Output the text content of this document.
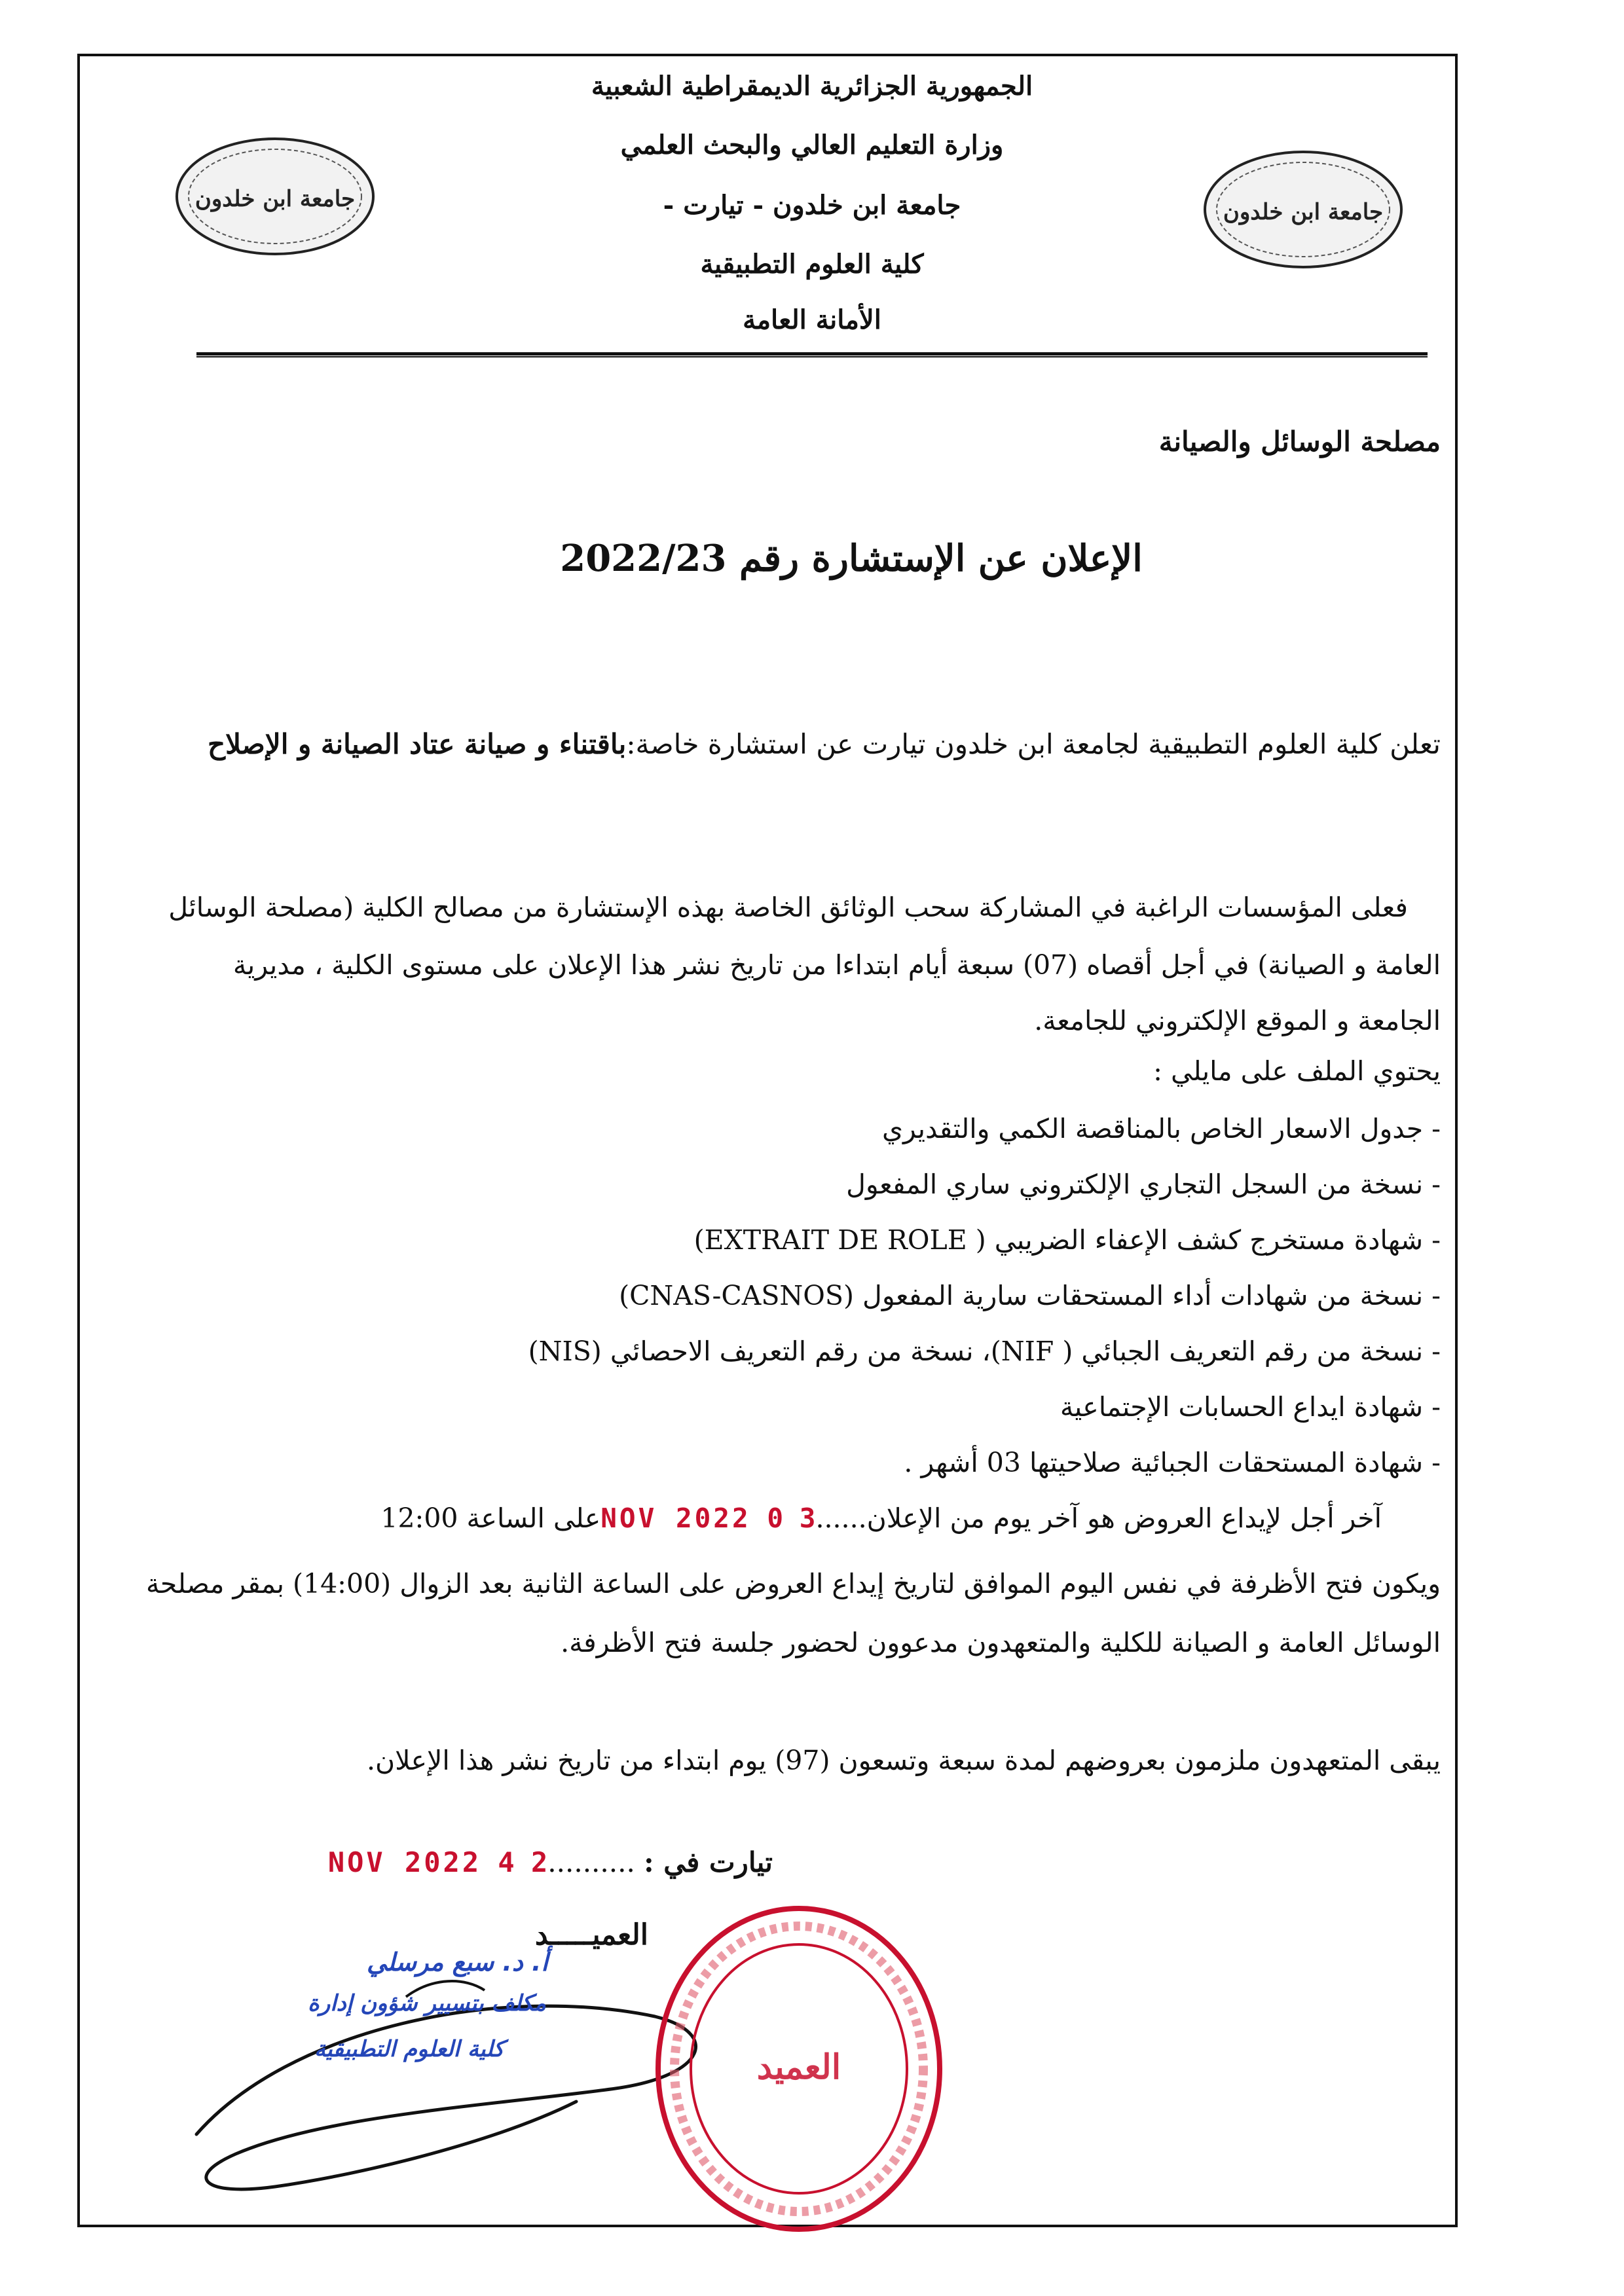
جامعة ابن خلدون	جامعة ابن خلدون
الجمهورية الجزائرية الديمقراطية الشعبية
وزارة التعليم العالي والبحث العلمي
جامعة ابن خلدون - تيارت -
كلية العلوم التطبيقية
الأمانة العامة
مصلحة الوسائل والصيانة
الإعلان عن الإستشارة رقم 2022/23
تعلن كلية العلوم التطبيقية لجامعة ابن خلدون تيارت عن استشارة خاصة:باقتناء و صيانة عتاد الصيانة و الإصلاح
فعلى المؤسسات الراغبة في المشاركة سحب الوثائق الخاصة بهذه الإستشارة من مصالح الكلية (مصلحة الوسائل
العامة و الصيانة) في أجل أقصاه (07) سبعة أيام ابتداءا من تاريخ نشر هذا الإعلان على مستوى الكلية ، مديرية
الجامعة و الموقع الإلكتروني للجامعة.
يحتوي الملف على مايلي :
- جدول الاسعار الخاص بالمناقصة الكمي والتقديري
- نسخة من السجل التجاري الإلكتروني ساري المفعول
- شهادة مستخرج كشف الإعفاء الضريبي ( EXTRAIT DE ROLE)
- نسخة من شهادات أداء المستحقات سارية المفعول (CNAS-CASNOS)
- نسخة من رقم التعريف الجبائي ( NIF)، نسخة من رقم التعريف الاحصائي (NIS)
- شهادة ايداع الحسابات الإجتماعية
- شهادة المستحقات الجبائية صلاحيتها 03 أشهر .
آخر أجل لإيداع العروض هو آخر يوم من الإعلان......3 0 NOV 2022على الساعة 12:00
ويكون فتح الأظرفة في نفس اليوم الموافق لتاريخ إيداع العروض على الساعة الثانية بعد الزوال (14:00) بمقر مصلحة
الوسائل العامة و الصيانة للكلية والمتعهدون مدعوون لحضور جلسة فتح الأظرفة.
يبقى المتعهدون ملزمون بعروضهم لمدة سبعة وتسعون (97) يوم ابتداء من تاريخ نشر هذا الإعلان.
تيارت في : ..........2 4 NOV 2022
العميـــــد
أ. د. سبع مرسلي
مكلف بتسيير شؤون إدارة
كلية العلوم التطبيقية	العميد
